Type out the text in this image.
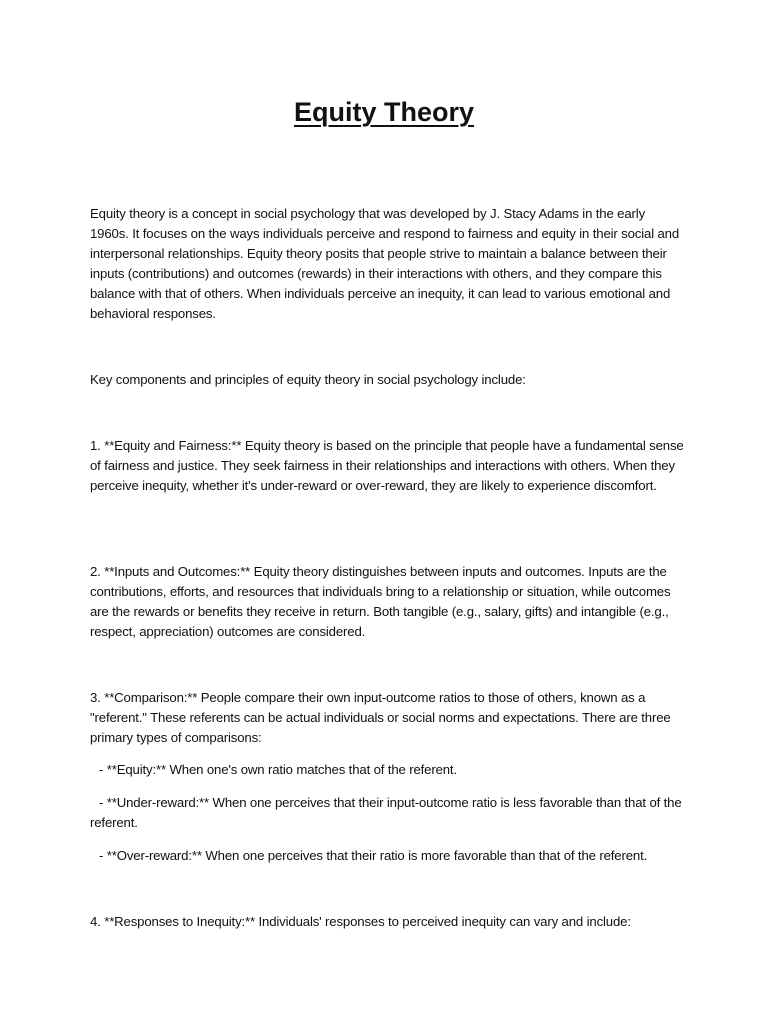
Equity Theory

Equity theory is a concept in social psychology that was developed by J. Stacy Adams in the early 1960s. It focuses on the ways individuals perceive and respond to fairness and equity in their social and interpersonal relationships. Equity theory posits that people strive to maintain a balance between their inputs (contributions) and outcomes (rewards) in their interactions with others, and they compare this balance with that of others. When individuals perceive an inequity, it can lead to various emotional and behavioral responses.

Key components and principles of equity theory in social psychology include:

1. **Equity and Fairness:** Equity theory is based on the principle that people have a fundamental sense of fairness and justice. They seek fairness in their relationships and interactions with others. When they perceive inequity, whether it's under-reward or over-reward, they are likely to experience discomfort.

2. **Inputs and Outcomes:** Equity theory distinguishes between inputs and outcomes. Inputs are the contributions, efforts, and resources that individuals bring to a relationship or situation, while outcomes are the rewards or benefits they receive in return. Both tangible (e.g., salary, gifts) and intangible (e.g., respect, appreciation) outcomes are considered.

3. **Comparison:** People compare their own input-outcome ratios to those of others, known as a "referent." These referents can be actual individuals or social norms and expectations. There are three primary types of comparisons:

- **Equity:** When one's own ratio matches that of the referent.

- **Under-reward:** When one perceives that their input-outcome ratio is less favorable than that of the referent.

- **Over-reward:** When one perceives that their ratio is more favorable than that of the referent.

4. **Responses to Inequity:** Individuals' responses to perceived inequity can vary and include:
